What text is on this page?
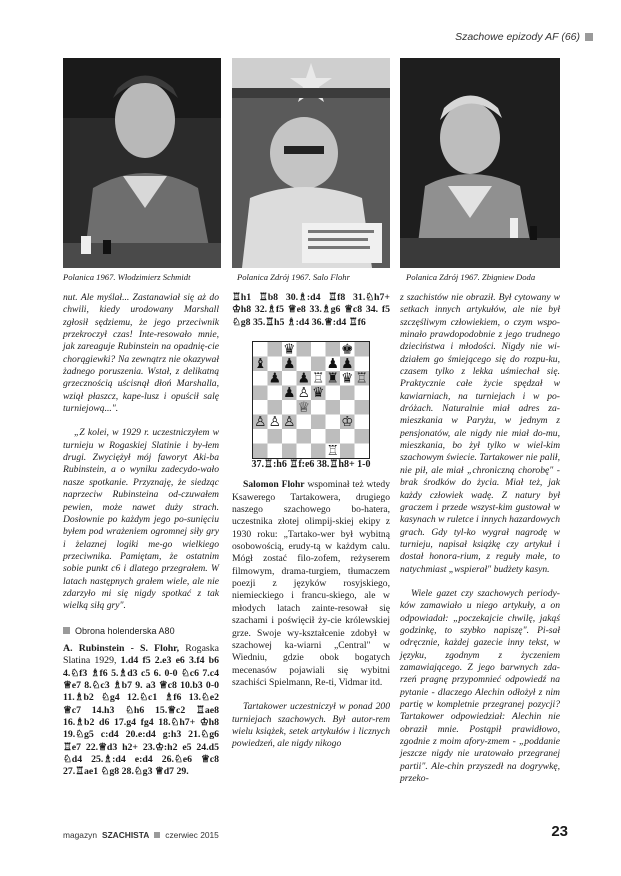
Szachowe epizody AF (66)
Polanica 1967. Włodzimierz Schmidt	Polanica Zdrój 1967. Salo Flohr	Polanica Zdrój 1967. Zbigniew Doda

nut. Ale myślał... Zastanawiał się aż do chwili, kiedy urodowany Marshall zgłosił sędziemu, że jego przeciwnik przekroczył czas! Inte-resowało mnie, jak zareaguje Rubinstein na opadnię-cie chorągiewki? Na zewnątrz nie okazywał żadnego poruszenia. Wstał, z delikatną grzecznością uścisnął dłoń Marshalla, wziął płaszcz, kape-lusz i opuścił salę turniejową...".

„Z kolei, w 1929 r. uczestniczyłem w turnieju w Rogaskiej Slatinie i by-łem drugi. Zwyciężył mój faworyt Aki-ba Rubinstein, a o wyniku zadecydo-wało nasze spotkanie. Przyznaję, że siedząc naprzeciw Rubinsteina od-czuwałem pewien, może nawet duży strach. Dosłownie po każdym jego po-sunięciu byłem pod wrażeniem ogromnej siły gry i żelaznej logiki me-go wielkiego przeciwnika. Pamiętam, że ostatnim sobie punkt c6 i dlatego przegrałem. W latach następnych grałem wiele, ale nie zdarzyło mi się nigdy spotkać z tak wielką siłą gry".

Obrona holenderska A80

A. Rubinstein - S. Flohr, Rogaska Slatina 1929, 1.d4 f5 2.e3 e6 3.f4 b6 4.♘f3 ♗f6 5.♗d3 c5 6. 0-0 ♘c6 7.c4 ♕e7 8.♘c3 ♗b7 9. a3 ♕c8 10.b3 0-0 11.♗b2 ♘g4 12.♘c1 ♗f6 13.♘e2 ♕c7 14.h3 ♘h6 15.♕c2 ♖ae8 16.♗b2 d6 17.g4 fg4 18.♘h7+ ♔h8 19.♘g5 c:d4 20.e:d4 g:h3 21.♘g6 ♖e7 22.♕d3 h2+ 23.♔:h2 e5 24.d5 ♘d4 25.♗:d4 e:d4 26.♘e6 ♕c8 27.♖ae1 ♘g8 28.♘g3 ♕d7 29.

♖h1 ♖b8 30.♗:d4 ♖f8 31.♘h7+ ♔h8 32.♗f5 ♕e8 33.♗g6 ♕c8 34. f5 ♘g8 35.♖h5 ♗:d4 36.♕:d4 ♖f6

♛	♚
♝ ♟ ♟ ♟
♟ ♟ ♖ ♜ ♛ ♖
♟ ♙ ♛
♕
♙ ♙ ♙	♔
♖

37.♖:h6 ♖f:e6 38.♖h8+ 1-0

Salomon Flohr wspominał też wtedy Ksawerego Tartakowera, drugiego naszego szachowego bo-hatera, uczestnika złotej olimpij-skiej ekipy z 1930 roku: „Tartako-wer był wybitną osobowością, erudy-tą w każdym calu. Mógł zostać filo-zofem, reżyserem filmowym, drama-turgiem, tłumaczem poezji z języków rosyjskiego, niemieckiego i francu-skiego, ale w młodych latach zainte-resował się szachami i poświęcił ży-cie królewskiej grze. Swoje wy-kształcenie zdobył w szachowej ka-wiarni „Central" w Wiedniu, gdzie obok bogatych mecenasów pojawiali się wybitni szachiści Spielmann, Re-ti, Vidmar itd.

Tartakower uczestniczył w ponad 200 turniejach szachowych. Był autor-rem wielu książek, setek artykułów i licznych powiedzeń, ale nigdy nikogo

z szachistów nie obraził. Był cytowany w setkach innych artykułów, ale nie był szczęśliwym człowiekiem, o czym wspo-minało prawdopodobnie z jego trudnego dzieciństwa i młodości. Nigdy nie wi-działem go śmiejącego się do rozpu-ku, czasem tylko z lekka uśmiechał się. Praktycznie całe życie spędzał w kawiarniach, na turniejach i w po-dróżach. Naturalnie miał adres za-mieszkania w Paryżu, w jednym z pensjonatów, ale nigdy nie miał do-mu, mieszkania, bo żył tylko w wiel-kim szachowym świecie. Tartakower nie palił, nie pił, ale miał „chroniczną chorobę" - brak środków do życia. Miał też, jak każdy człowiek wadę. Z natury był graczem i przede wszyst-kim gustował w kasynach w ruletce i innych hazardowych grach. Gdy tyl-ko wygrał nagrodę w turnieju, napisał książkę czy artykuł i dostał honora-rium, z reguły małe, to natychmiast „wspierał" budżety kasyn.

Wiele gazet czy szachowych periody-ków zamawiało u niego artykuły, a on odpowiadał: „poczekajcie chwilę, jakąś godzinkę, to szybko napiszę". Pi-sał odręcznie, każdej gazecie inny tekst, w języku, zgodnym z życzeniem zamawiającego. Z jego barwnych zda-rzeń pragnę przypomnieć odpowiedź na pytanie - dlaczego Alechin odłożył z nim partię w kompletnie przegranej pozycji? Tartakower odpowiedział: Alechin nie obraził mnie. Postąpił prawidłowo, zgodnie z moim afory-zmem - „poddanie jeszcze nigdy nie uratowało przegranej partii". Ale-chin przyszedł na dogrywkę, przeko-

magazyn SZACHISTA czerwiec 2015	23
